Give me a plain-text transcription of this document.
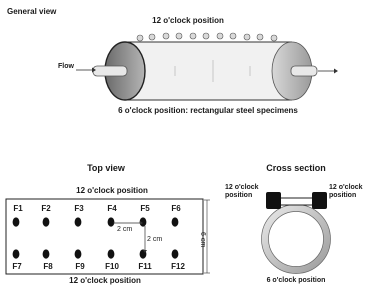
General view
12 o'clock position
Flow
6 o'clock position: rectangular steel specimens
Top view
12 o'clock position
12 o'clock position
F1 F2	F3	F4	F5	F6
F7	F8	F9	F10 F11 F12
2 cm
2 cm	6 cm
Cross section
12 o'clock
position
12 o'clock
position
6 o'clock position
